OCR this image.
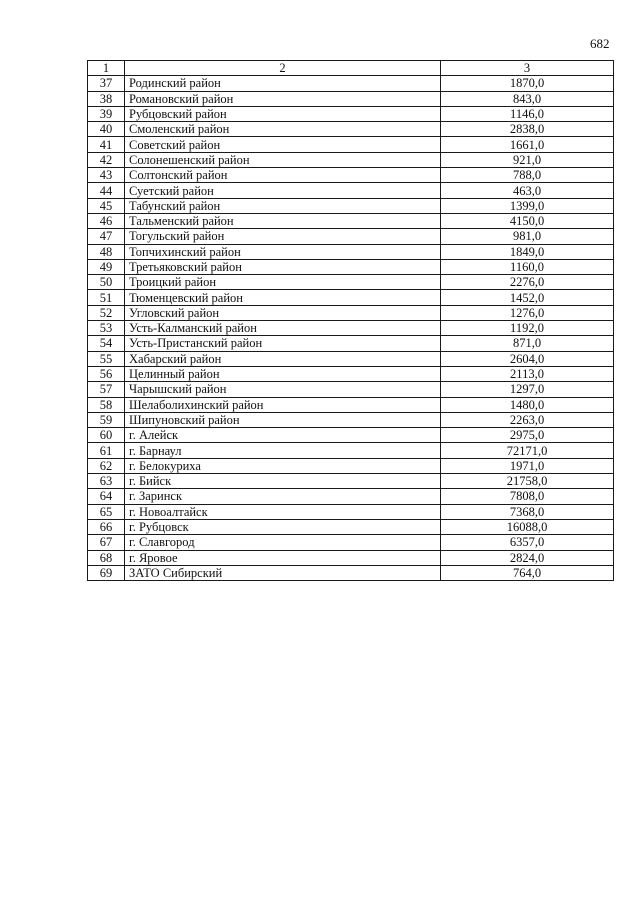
682
1	2	3
37	Родинский район	1870,0
38	Романовский район	843,0
39	Рубцовский район	1146,0
40	Смоленский район	2838,0
41	Советский район	1661,0
42	Солонешенский район	921,0
43	Солтонский район	788,0
44	Суетский район	463,0
45	Табунский район	1399,0
46	Тальменский район	4150,0
47	Тогульский район	981,0
48	Топчихинский район	1849,0
49	Третьяковский район	1160,0
50	Троицкий район	2276,0
51	Тюменцевский район	1452,0
52	Угловский район	1276,0
53	Усть-Калманский район	1192,0
54	Усть-Пристанский район	871,0
55	Хабарский район	2604,0
56	Целинный район	2113,0
57	Чарышский район	1297,0
58	Шелаболихинский район	1480,0
59	Шипуновский район	2263,0
60	г. Алейск	2975,0
61	г. Барнаул	72171,0
62	г. Белокуриха	1971,0
63	г. Бийск	21758,0
64	г. Заринск	7808,0
65	г. Новоалтайск	7368,0
66	г. Рубцовск	16088,0
67	г. Славгород	6357,0
68	г. Яровое	2824,0
69	ЗАТО Сибирский	764,0
